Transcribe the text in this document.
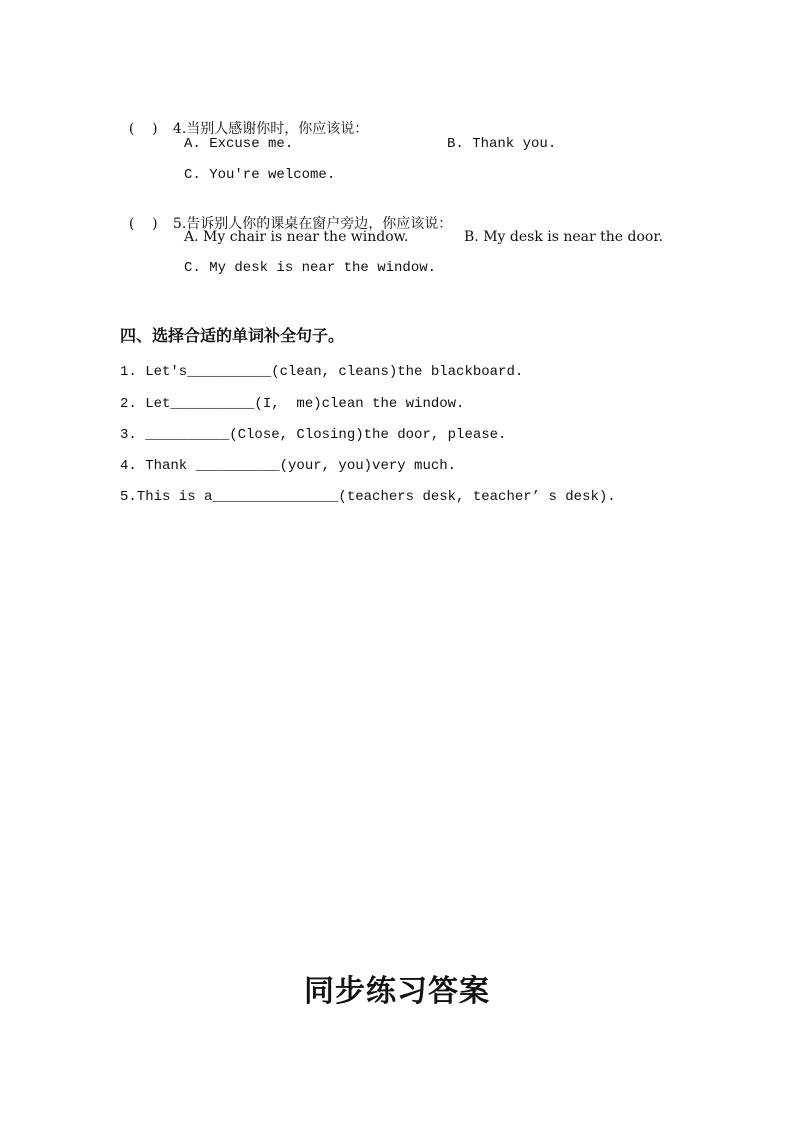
(    ) 4.当别人感谢你时，你应该说：

A. Excuse me.	B. Thank you.
C. You're welcome.

(    ) 5.告诉别人你的课桌在窗户旁边，你应该说：

A. My chair is near the window.	B. My desk is near the door.
C. My desk is near the window.
四、选择合适的单词补全句子。
1. Let's__________(clean, cleans)the blackboard.
2. Let__________(I,  me)clean the window.
3. __________(Close, Closing)the door, please.
4. Thank __________(your, you)very much.
5.This is a_______________(teachers desk, teacher’ s desk).
同步练习答案
